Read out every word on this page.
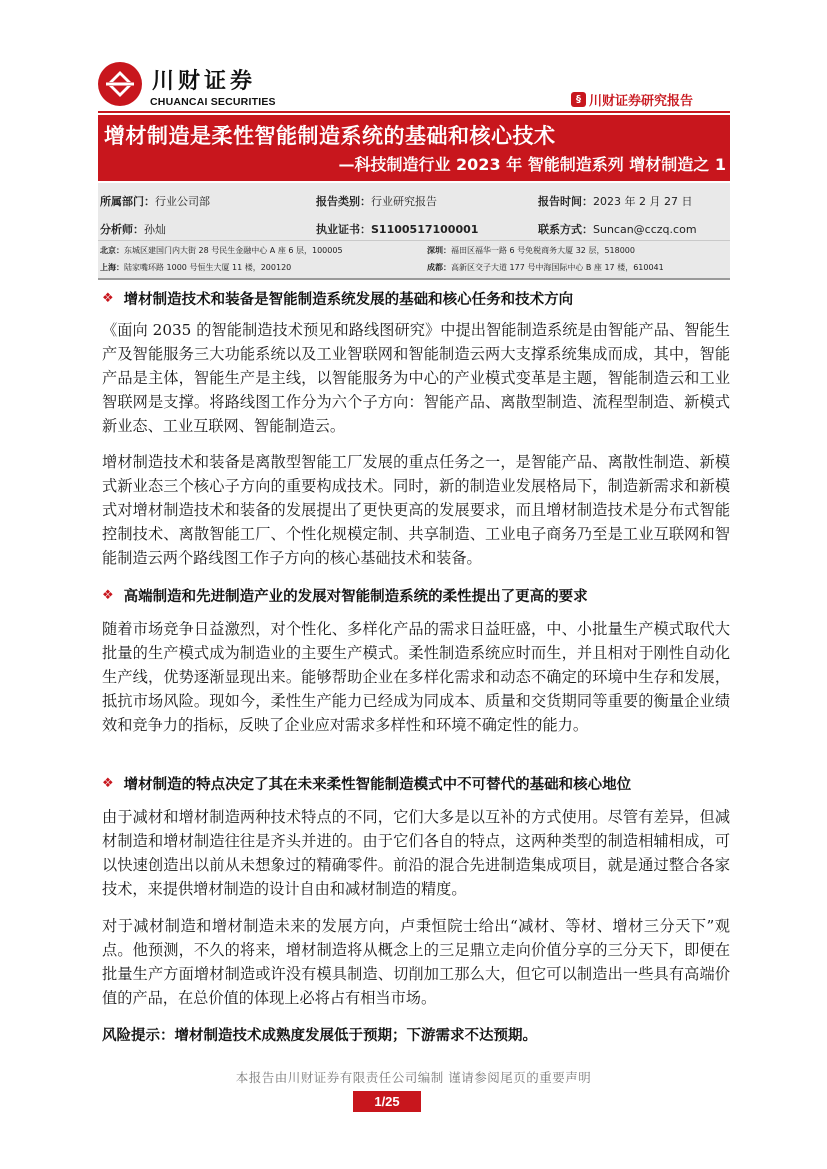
川财证券
CHUANCAI SECURITIES	§ 川财证券研究报告
增材制造是柔性智能制造系统的基础和核心技术
—科技制造行业 2023 年 智能制造系列 增材制造之 1
所属部门：行业公司部	报告类别：行业研究报告	报告时间：2023 年 2 月 27 日
分析师：孙灿	执业证书：S1100517100001	联系方式：Suncan@cczq.com
北京：东城区建国门内大街 28 号民生金融中心 A 座 6 层，100005	深圳：福田区福华一路 6 号免税商务大厦 32 层，518000
上海：陆家嘴环路 1000 号恒生大厦 11 楼，200120	成都：高新区交子大道 177 号中海国际中心 B 座 17 楼，610041
❖ 增材制造技术和装备是智能制造系统发展的基础和核心任务和技术方向

《面向 2035 的智能制造技术预见和路线图研究》中提出智能制造系统是由智能产品、智能生产及智能服务三大功能系统以及工业智联网和智能制造云两大支撑系统集成而成，其中，智能产品是主体，智能生产是主线，以智能服务为中心的产业模式变革是主题，智能制造云和工业智联网是支撑。将路线图工作分为六个子方向：智能产品、离散型制造、流程型制造、新模式新业态、工业互联网、智能制造云。

增材制造技术和装备是离散型智能工厂发展的重点任务之一，是智能产品、离散性制造、新模式新业态三个核心子方向的重要构成技术。同时，新的制造业发展格局下，制造新需求和新模式对增材制造技术和装备的发展提出了更快更高的发展要求，而且增材制造技术是分布式智能控制技术、离散智能工厂、个性化规模定制、共享制造、工业电子商务乃至是工业互联网和智能制造云两个路线图工作子方向的核心基础技术和装备。

❖ 高端制造和先进制造产业的发展对智能制造系统的柔性提出了更高的要求

随着市场竞争日益激烈，对个性化、多样化产品的需求日益旺盛，中、小批量生产模式取代大批量的生产模式成为制造业的主要生产模式。柔性制造系统应时而生，并且相对于刚性自动化生产线，优势逐渐显现出来。能够帮助企业在多样化需求和动态不确定的环境中生存和发展，抵抗市场风险。现如今，柔性生产能力已经成为同成本、质量和交货期同等重要的衡量企业绩效和竞争力的指标，反映了企业应对需求多样性和环境不确定性的能力。

❖ 增材制造的特点决定了其在未来柔性智能制造模式中不可替代的基础和核心地位

由于减材和增材制造两种技术特点的不同，它们大多是以互补的方式使用。尽管有差异，但减材制造和增材制造往往是齐头并进的。由于它们各自的特点，这两种类型的制造相辅相成，可以快速创造出以前从未想象过的精确零件。前沿的混合先进制造集成项目，就是通过整合各家技术，来提供增材制造的设计自由和减材制造的精度。

对于减材制造和增材制造未来的发展方向，卢秉恒院士给出“减材、等材、增材三分天下”观点。他预测，不久的将来，增材制造将从概念上的三足鼎立走向价值分享的三分天下，即便在批量生产方面增材制造或许没有模具制造、切削加工那么大，但它可以制造出一些具有高端价值的产品，在总价值的体现上必将占有相当市场。

风险提示：增材制造技术成熟度发展低于预期；下游需求不达预期。
本报告由川财证券有限责任公司编制 谨请参阅尾页的重要声明
1/25
